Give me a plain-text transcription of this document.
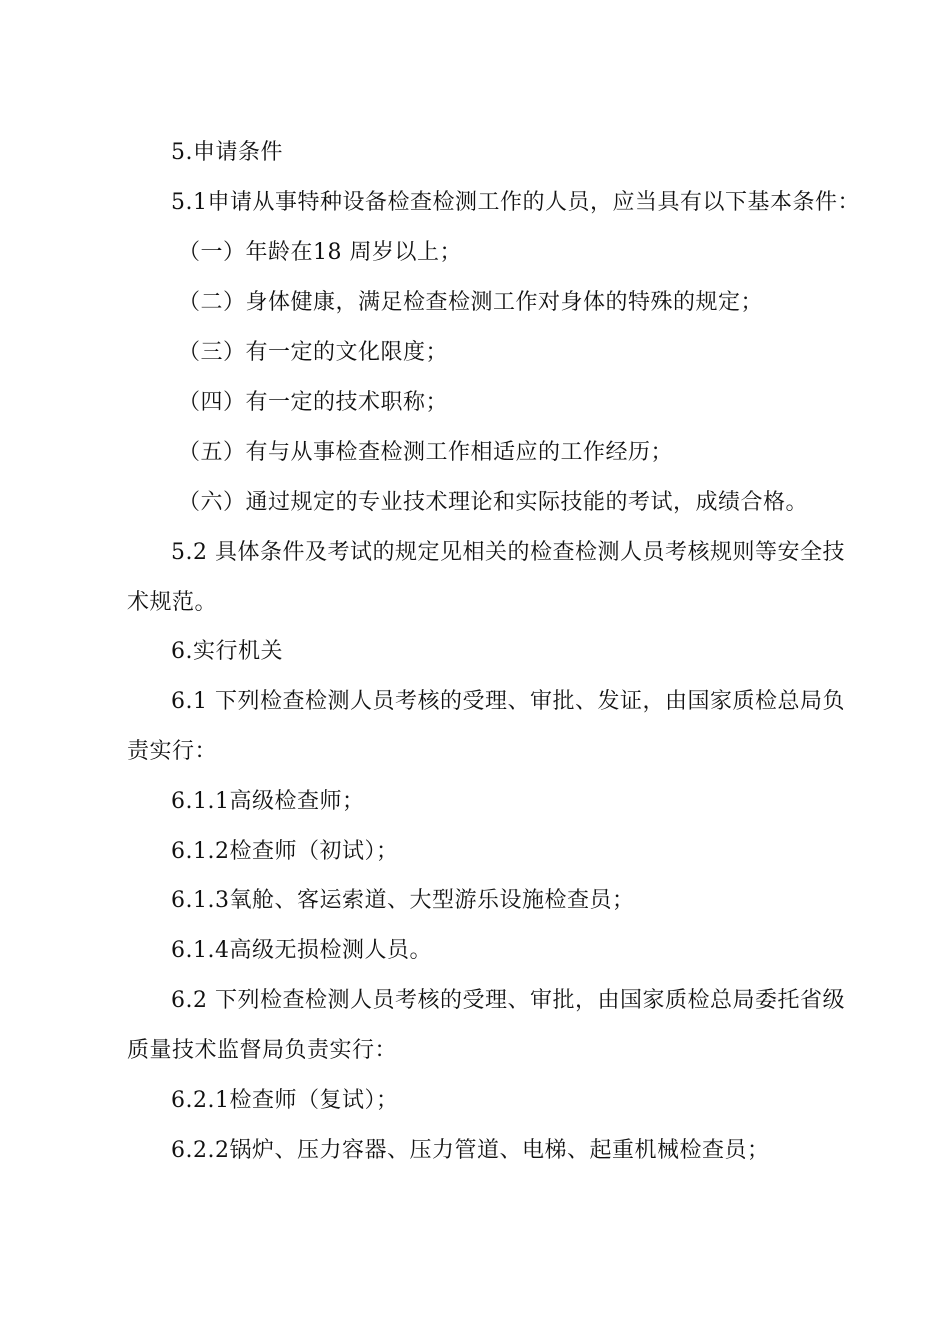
5.申请条件
5.1申请从事特种设备检查检测工作的人员，应当具有以下基本条件：
（一）年龄在18 周岁以上；
（二）身体健康，满足检查检测工作对身体的特殊的规定；
（三）有一定的文化限度；
（四）有一定的技术职称；
（五）有与从事检查检测工作相适应的工作经历；
（六）通过规定的专业技术理论和实际技能的考试，成绩合格。
5.2 具体条件及考试的规定见相关的检查检测人员考核规则等安全技
术规范。
6.实行机关
6.1 下列检查检测人员考核的受理、审批、发证，由国家质检总局负
责实行：
6.1.1高级检查师；
6.1.2检查师（初试）；
6.1.3氧舱、客运索道、大型游乐设施检查员；
6.1.4高级无损检测人员。
6.2 下列检查检测人员考核的受理、审批，由国家质检总局委托省级
质量技术监督局负责实行：
6.2.1检查师（复试）；
6.2.2锅炉、压力容器、压力管道、电梯、起重机械检查员；
